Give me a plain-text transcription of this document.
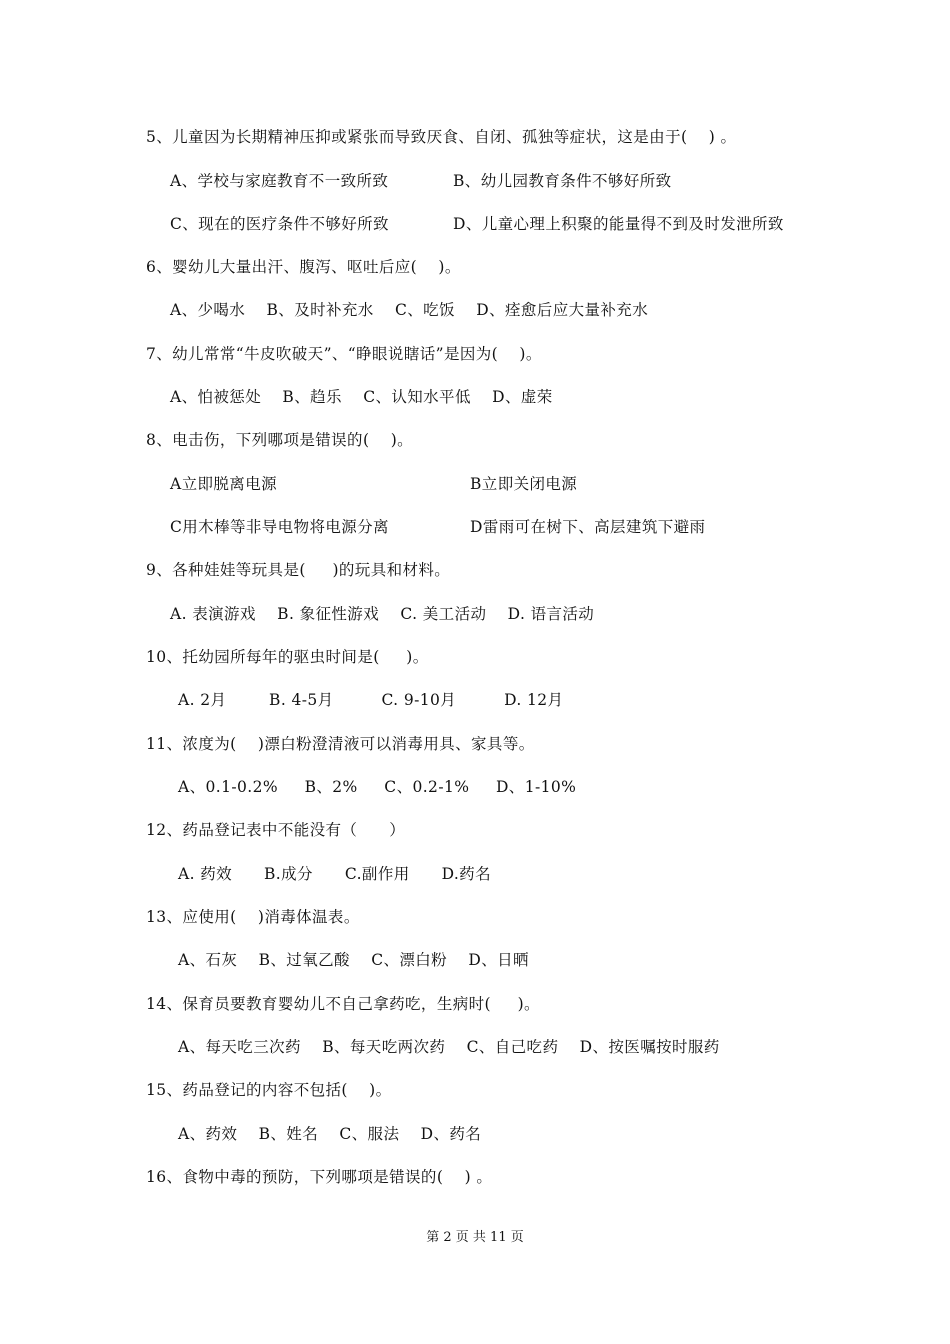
5、儿童因为长期精神压抑或紧张而导致厌食、自闭、孤独等症状，这是由于(    ) 。
A、学校与家庭教育不一致所致	B、幼儿园教育条件不够好所致
C、现在的医疗条件不够好所致	D、儿童心理上积聚的能量得不到及时发泄所致
6、婴幼儿大量出汗、腹泻、呕吐后应(    )。
A、少喝水    B、及时补充水    C、吃饭    D、痊愈后应大量补充水
7、幼儿常常“牛皮吹破天”、“睁眼说瞎话”是因为(    )。
A、怕被惩处    B、趋乐    C、认知水平低    D、虚荣
8、电击伤，下列哪项是错误的(    )。
A立即脱离电源	B立即关闭电源
C用木棒等非导电物将电源分离	D雷雨可在树下、高层建筑下避雨
9、各种娃娃等玩具是(     )的玩具和材料。
A. 表演游戏    B. 象征性游戏    C. 美工活动    D. 语言活动
10、托幼园所每年的驱虫时间是(     )。
A. 2月        B. 4-5月         C. 9-10月         D. 12月
11、浓度为(    )漂白粉澄清液可以消毒用具、家具等。
A、0.1-0.2%     B、2%     C、0.2-1%     D、1-10%
12、药品登记表中不能没有（      ）
A. 药效      B.成分      C.副作用      D.药名
13、应使用(    )消毒体温表。
A、石灰    B、过氧乙酸    C、漂白粉    D、日晒
14、保育员要教育婴幼儿不自己拿药吃，生病时(     )。
A、每天吃三次药    B、每天吃两次药    C、自己吃药    D、按医嘱按时服药
15、药品登记的内容不包括(    )。
A、药效    B、姓名    C、服法    D、药名
16、食物中毒的预防，下列哪项是错误的(    ) 。
第 2 页 共 11 页
